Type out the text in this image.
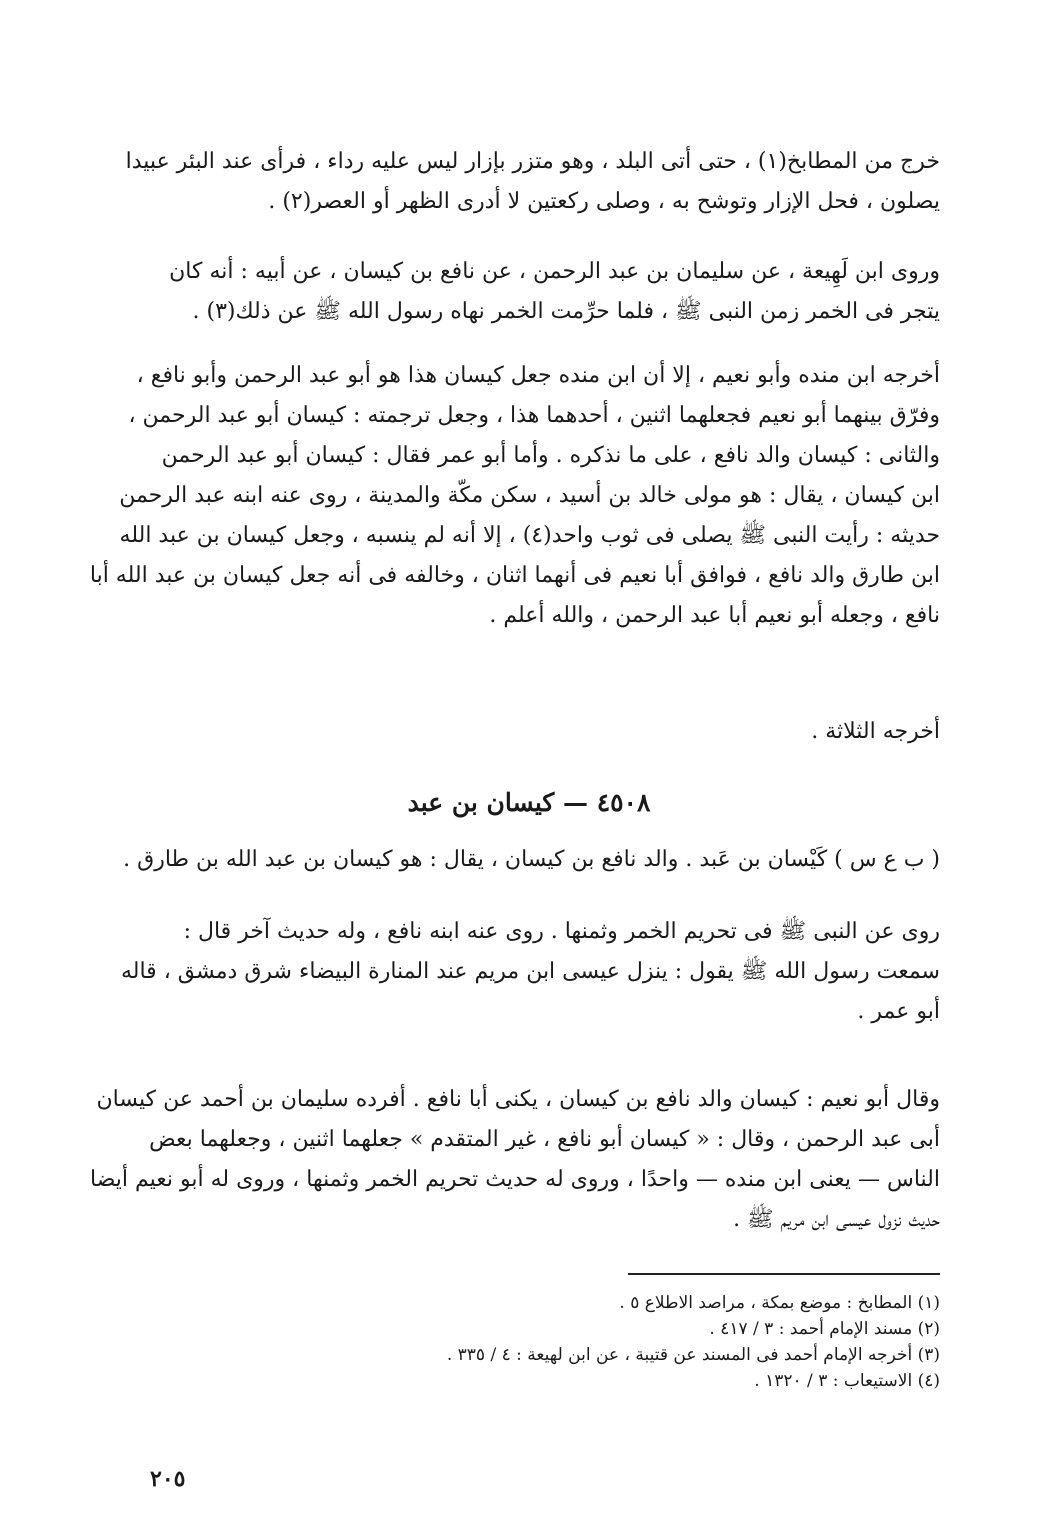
خرج من المطابخ(١) ، حتى أتى البلد ، وهو متزر بإزار ليس عليه رداء ، فرأى عند البئر عبيدا

يصلون ، فحل الإزار وتوشح به ، وصلى ركعتين لا أدرى الظهر أو العصر(٢) .

وروى ابن لَهِيعة ، عن سليمان بن عبد الرحمن ، عن نافع بن كيسان ، عن أبيه : أنه كان

يتجر فى الخمر زمن النبى ﷺ ، فلما حرِّمت الخمر نهاه رسول الله ﷺ عن ذلك(٣) .

أخرجه ابن منده وأبو نعيم ، إلا أن ابن منده جعل كيسان هذا هو أبو عبد الرحمن وأبو نافع ،

وفرّق بينهما أبو نعيم فجعلهما اثنين ، أحدهما هذا ، وجعل ترجمته : كيسان أبو عبد الرحمن ،

والثانى : كيسان والد نافع ، على ما نذكره . وأما أبو عمر فقال : كيسان أبو عبد الرحمن

ابن كيسان ، يقال : هو مولى خالد بن أسيد ، سكن مكّة والمدينة ، روى عنه ابنه عبد الرحمن

حديثه : رأيت النبى ﷺ يصلى فى ثوب واحد(٤) ، إلا أنه لم ينسبه ، وجعل كيسان بن عبد الله

ابن طارق والد نافع ، فوافق أبا نعيم فى أنهما اثنان ، وخالفه فى أنه جعل كيسان بن عبد الله أبا

نافع ، وجعله أبو نعيم أبا عبد الرحمن ، والله أعلم .

أخرجه الثلاثة .

٤٥٠٨ — كيسان بن عبد

( ب ع س ) كَيْسان بن عَبد . والد نافع بن كيسان ، يقال : هو كيسان بن عبد الله بن طارق .

روى عن النبى ﷺ فى تحريم الخمر وثمنها . روى عنه ابنه نافع ، وله حديث آخر قال :

سمعت رسول الله ﷺ يقول : ينزل عيسى ابن مريم عند المنارة البيضاء شرق دمشق ، قاله

أبو عمر .

وقال أبو نعيم : كيسان والد نافع بن كيسان ، يكنى أبا نافع . أفرده سليمان بن أحمد عن كيسان

أبى عبد الرحمن ، وقال : « كيسان أبو نافع ، غير المتقدم » جعلهما اثنين ، وجعلهما بعض

الناس — يعنى ابن منده — واحدًا ، وروى له حديث تحريم الخمر وثمنها ، وروى له أبو نعيم أيضا

حديث نزول عيسى ابن مريم ﷺ .

(١) المطابخ : موضع بمكة ، مراصد الاطلاع ٥ .
(٢) مسند الإمام أحمد : ٣ / ٤١٧ .
(٣) أخرجه الإمام أحمد فى المسند عن قتيبة ، عن ابن لهيعة : ٤ / ٣٣٥ .
(٤) الاستيعاب : ٣ / ١٣٢٠ .
٢٠٥
